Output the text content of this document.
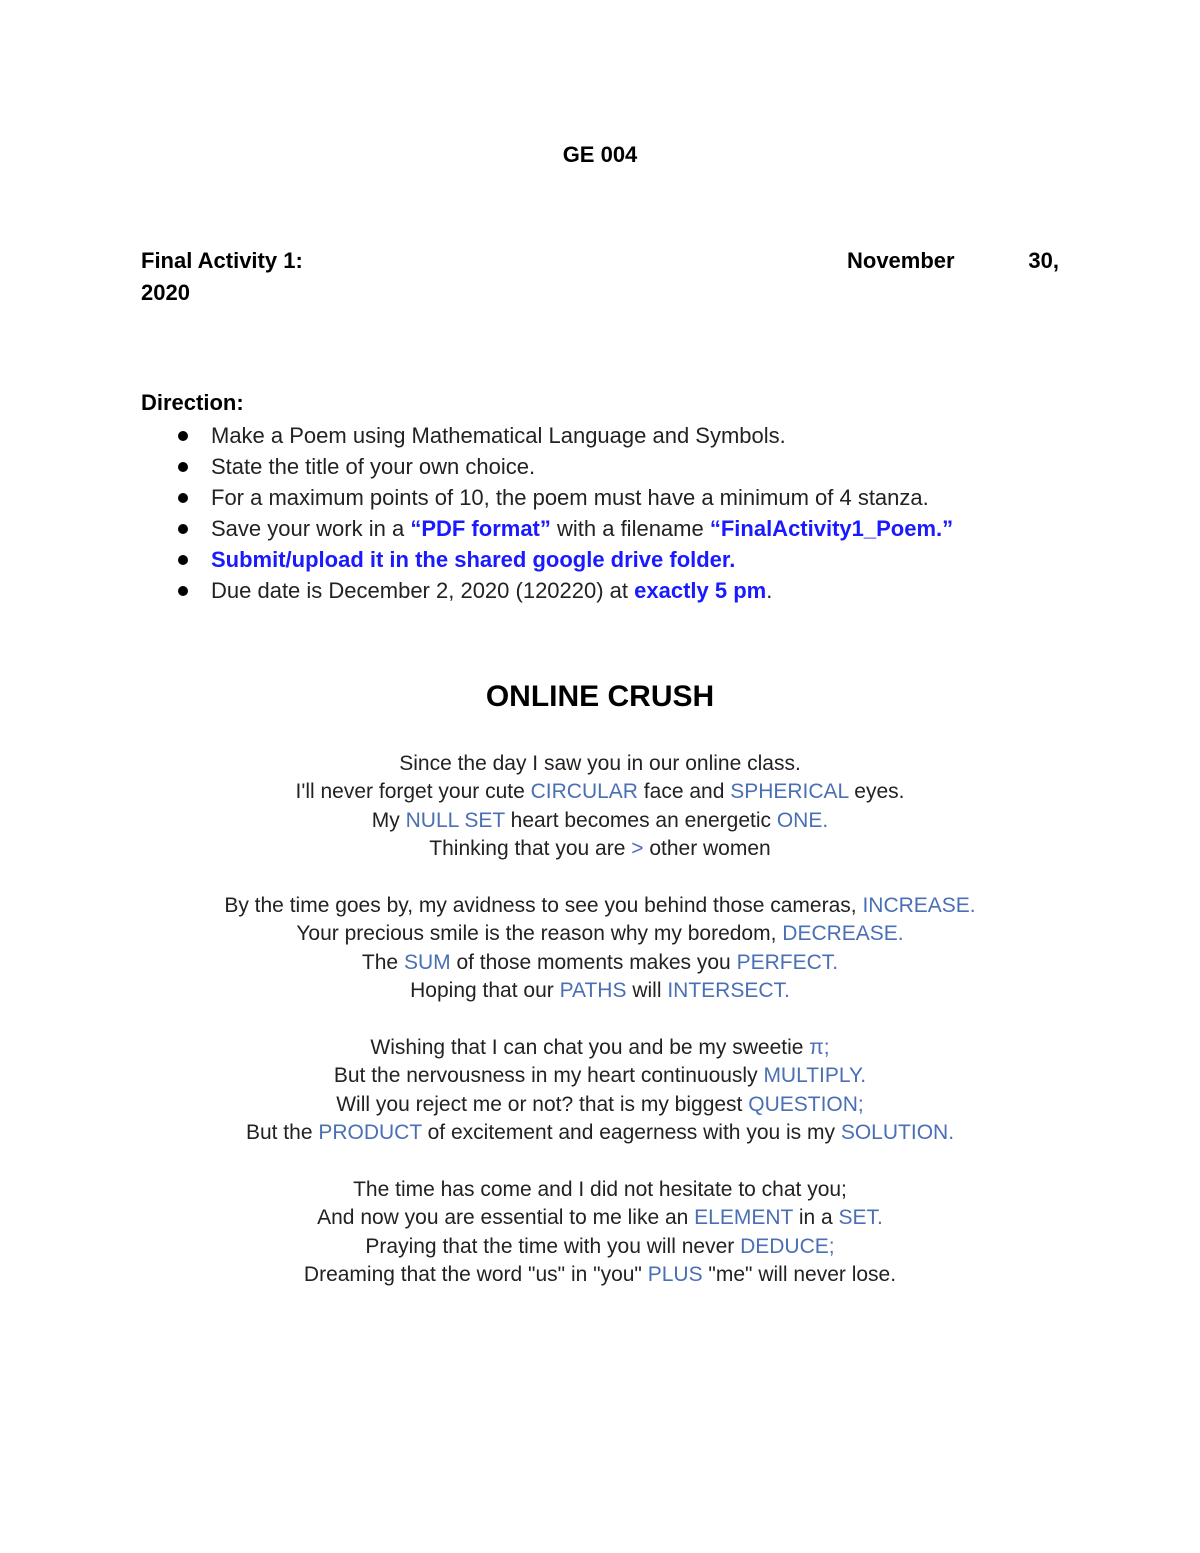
GE 004
Final Activity 1:	November	30,
2020
Direction:
Make a Poem using Mathematical Language and Symbols.
State the title of your own choice.
For a maximum points of 10, the poem must have a minimum of 4 stanza.
Save your work in a “PDF format” with a filename “FinalActivity1_Poem.”
Submit/upload it in the shared google drive folder.
Due date is December 2, 2020 (120220) at exactly 5 pm.
ONLINE CRUSH
Since the day I saw you in our online class.
I'll never forget your cute CIRCULAR face and SPHERICAL eyes.
My NULL SET heart becomes an energetic ONE.
Thinking that you are > other women
By the time goes by, my avidness to see you behind those cameras, INCREASE.
Your precious smile is the reason why my boredom, DECREASE.
The SUM of those moments makes you PERFECT.
Hoping that our PATHS will INTERSECT.
Wishing that I can chat you and be my sweetie π;
But the nervousness in my heart continuously MULTIPLY.
Will you reject me or not? that is my biggest QUESTION;
But the PRODUCT of excitement and eagerness with you is my SOLUTION.
The time has come and I did not hesitate to chat you;
And now you are essential to me like an ELEMENT in a SET.
Praying that the time with you will never DEDUCE;
Dreaming that the word "us" in "you" PLUS "me" will never lose.
